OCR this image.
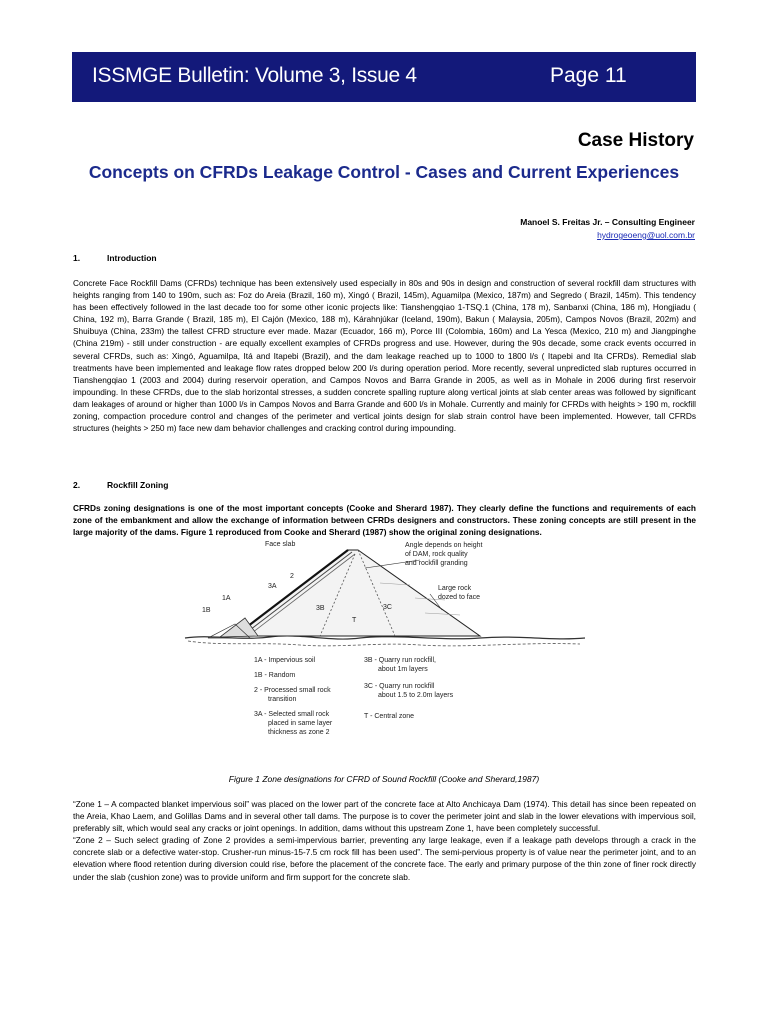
ISSMGE Bulletin: Volume 3, Issue 4	Page 11
Case History
Concepts on CFRDs Leakage Control - Cases and Current Experiences
Manoel S. Freitas Jr. – Consulting Engineer
hydrogeoeng@uol.com.br
1.	Introduction
Concrete Face Rockfill Dams (CFRDs) technique has been extensively used especially in 80s and 90s in design and construction of several rockfill dam structures with heights ranging from 140 to 190m, such as: Foz do Areia (Brazil, 160 m), Xingó ( Brazil, 145m), Aguamilpa (Mexico, 187m) and Segredo ( Brazil, 145m). This tendency has been effectively followed in the last decade too for some other iconic projects like: Tianshengqiao 1-TSQ.1 (China, 178 m), Sanbanxi (China, 186 m), Hongjiadu ( China, 192 m), Barra Grande ( Brazil, 185 m), El Cajón (Mexico, 188 m), Kárahnjúkar (Iceland, 190m), Bakun ( Malaysia, 205m), Campos Novos (Brazil, 202m) and Shuibuya (China, 233m) the tallest CFRD structure ever made. Mazar (Ecuador, 166 m), Porce III (Colombia, 160m) and La Yesca (Mexico, 210 m) and Jiangpinghe (China 219m) - still under construction - are equally excellent examples of CFRDs progress and use. However, during the 90s decade, some crack events occurred in several CFRDs, such as: Xingó, Aguamilpa, Itá and Itapebi (Brazil), and the dam leakage reached up to 1000 to 1800 l/s ( Itapebi and Ita CFRDs). Remedial slab treatments have been implemented and leakage flow rates dropped below 200 l/s during operation period. More recently, several unpredicted slab ruptures occurred in Tianshengqiao 1 (2003 and 2004) during reservoir operation, and Campos Novos and Barra Grande in 2005, as well as in Mohale in 2006 during first reservoir impounding. In these CFRDs, due to the slab horizontal stresses, a sudden concrete spalling rupture along vertical joints at slab center areas was followed by significant dam leakages of around or higher than 1000 l/s in Campos Novos and Barra Grande and 600 l/s in Mohale. Currently and mainly for CFRDs with heights > 190 m, rockfill zoning, compaction procedure control and changes of the perimeter and vertical joints design for slab strain control have been implemented. However, tall CFRDs structures (heights > 250 m) face new dam behavior challenges and cracking control during impounding.
2.	Rockfill Zoning
CFRDs zoning designations is one of the most important concepts (Cooke and Sherard 1987). They clearly define the functions and requirements of each zone of the embankment and allow the exchange of information between CFRDs designers and constructors. These zoning concepts are still present in the large majority of the dams. Figure 1 reproduced from Cooke and Sherard (1987) show the original zoning designations.
Face slab
2
3A
1A
1B	3B	3C
T
Angle depends on height
of DAM, rock quality
and rockfill granding
Large rock
dozed to face
1A - Impervious soil
1B - Random
2 - Processed small rock
transition
3A - Selected small rock
placed in same layer
thickness as zone 2
3B - Quarry run rockfill,
about 1m layers
3C - Quarry run rockfill
about 1.5 to 2.0m layers
T - Central zone
Figure 1 Zone designations for CFRD of Sound Rockfill (Cooke and Sherard,1987)

“Zone 1 – A compacted blanket impervious soil” was placed on the lower part of the concrete face at Alto Anchicaya Dam (1974). This detail has since been repeated on the Areia, Khao Laem, and Golillas Dams and in several other tall dams. The purpose is to cover the perimeter joint and slab in the lower elevations with impervious soil, preferably silt, which would seal any cracks or joint openings. In addition, dams without this upstream Zone 1, have been completely successful.

“Zone 2 – Such select grading of Zone 2 provides a semi-impervious barrier, preventing any large leakage, even if a leakage path develops through a crack in the concrete slab or a defective water-stop. Crusher-run minus-15-7.5 cm rock fill has been used”. The semi-pervious property is of value near the perimeter joint, and to an elevation where flood retention during diversion could rise, before the placement of the concrete face. The early and primary purpose of the thin zone of finer rock directly under the slab (cushion zone) was to provide uniform and firm support for the concrete slab.
